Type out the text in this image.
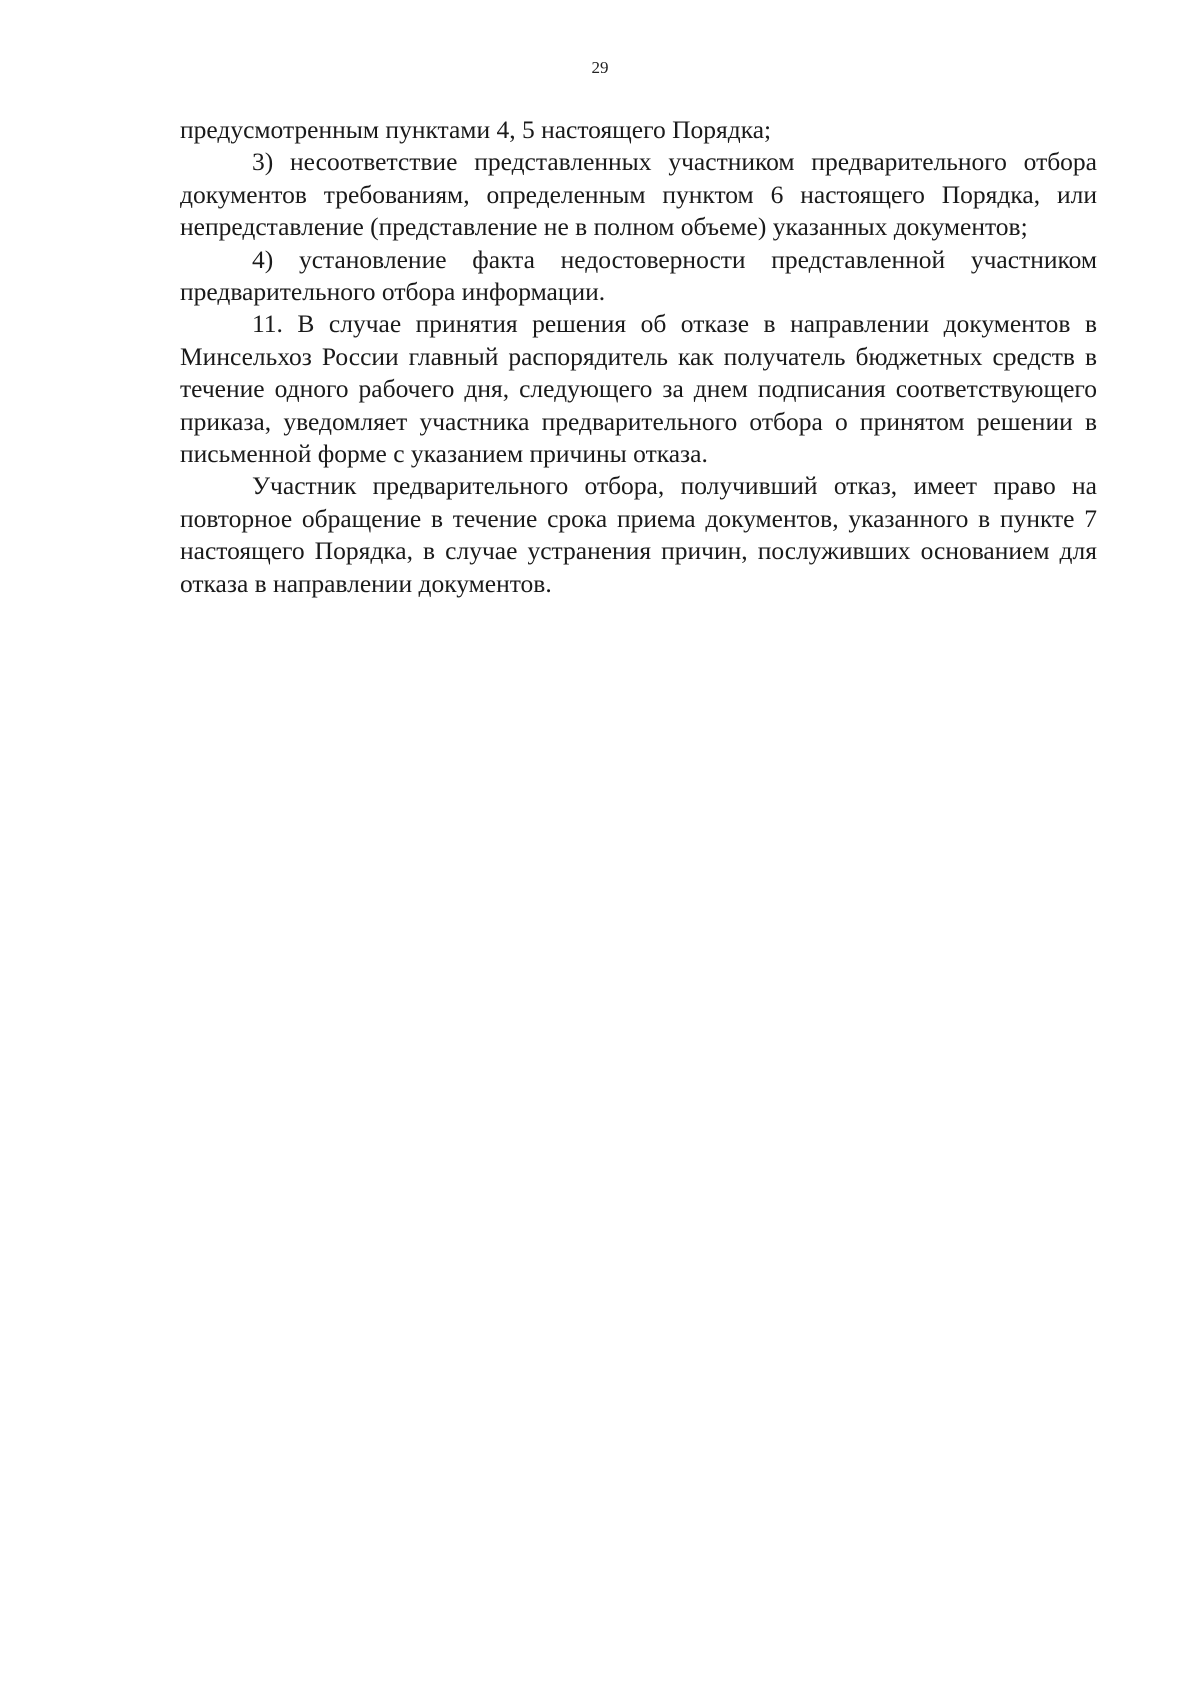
29

предусмотренным пунктами 4, 5 настоящего Порядка;

3) несоответствие представленных участником предварительного отбора документов требованиям, определенным пунктом 6 настоящего Порядка, или непредставление (представление не в полном объеме) указанных документов;

4) установление факта недостоверности представленной участником предварительного отбора информации.

11. В случае принятия решения об отказе в направлении документов в Минсельхоз России главный распорядитель как получатель бюджетных средств в течение одного рабочего дня, следующего за днем подписания соответствующего приказа, уведомляет участника предварительного отбора о принятом решении в письменной форме с указанием причины отказа.

Участник предварительного отбора, получивший отказ, имеет право на повторное обращение в течение срока приема документов, указанного в пункте 7 настоящего Порядка, в случае устранения причин, послуживших основанием для отказа в направлении документов.
